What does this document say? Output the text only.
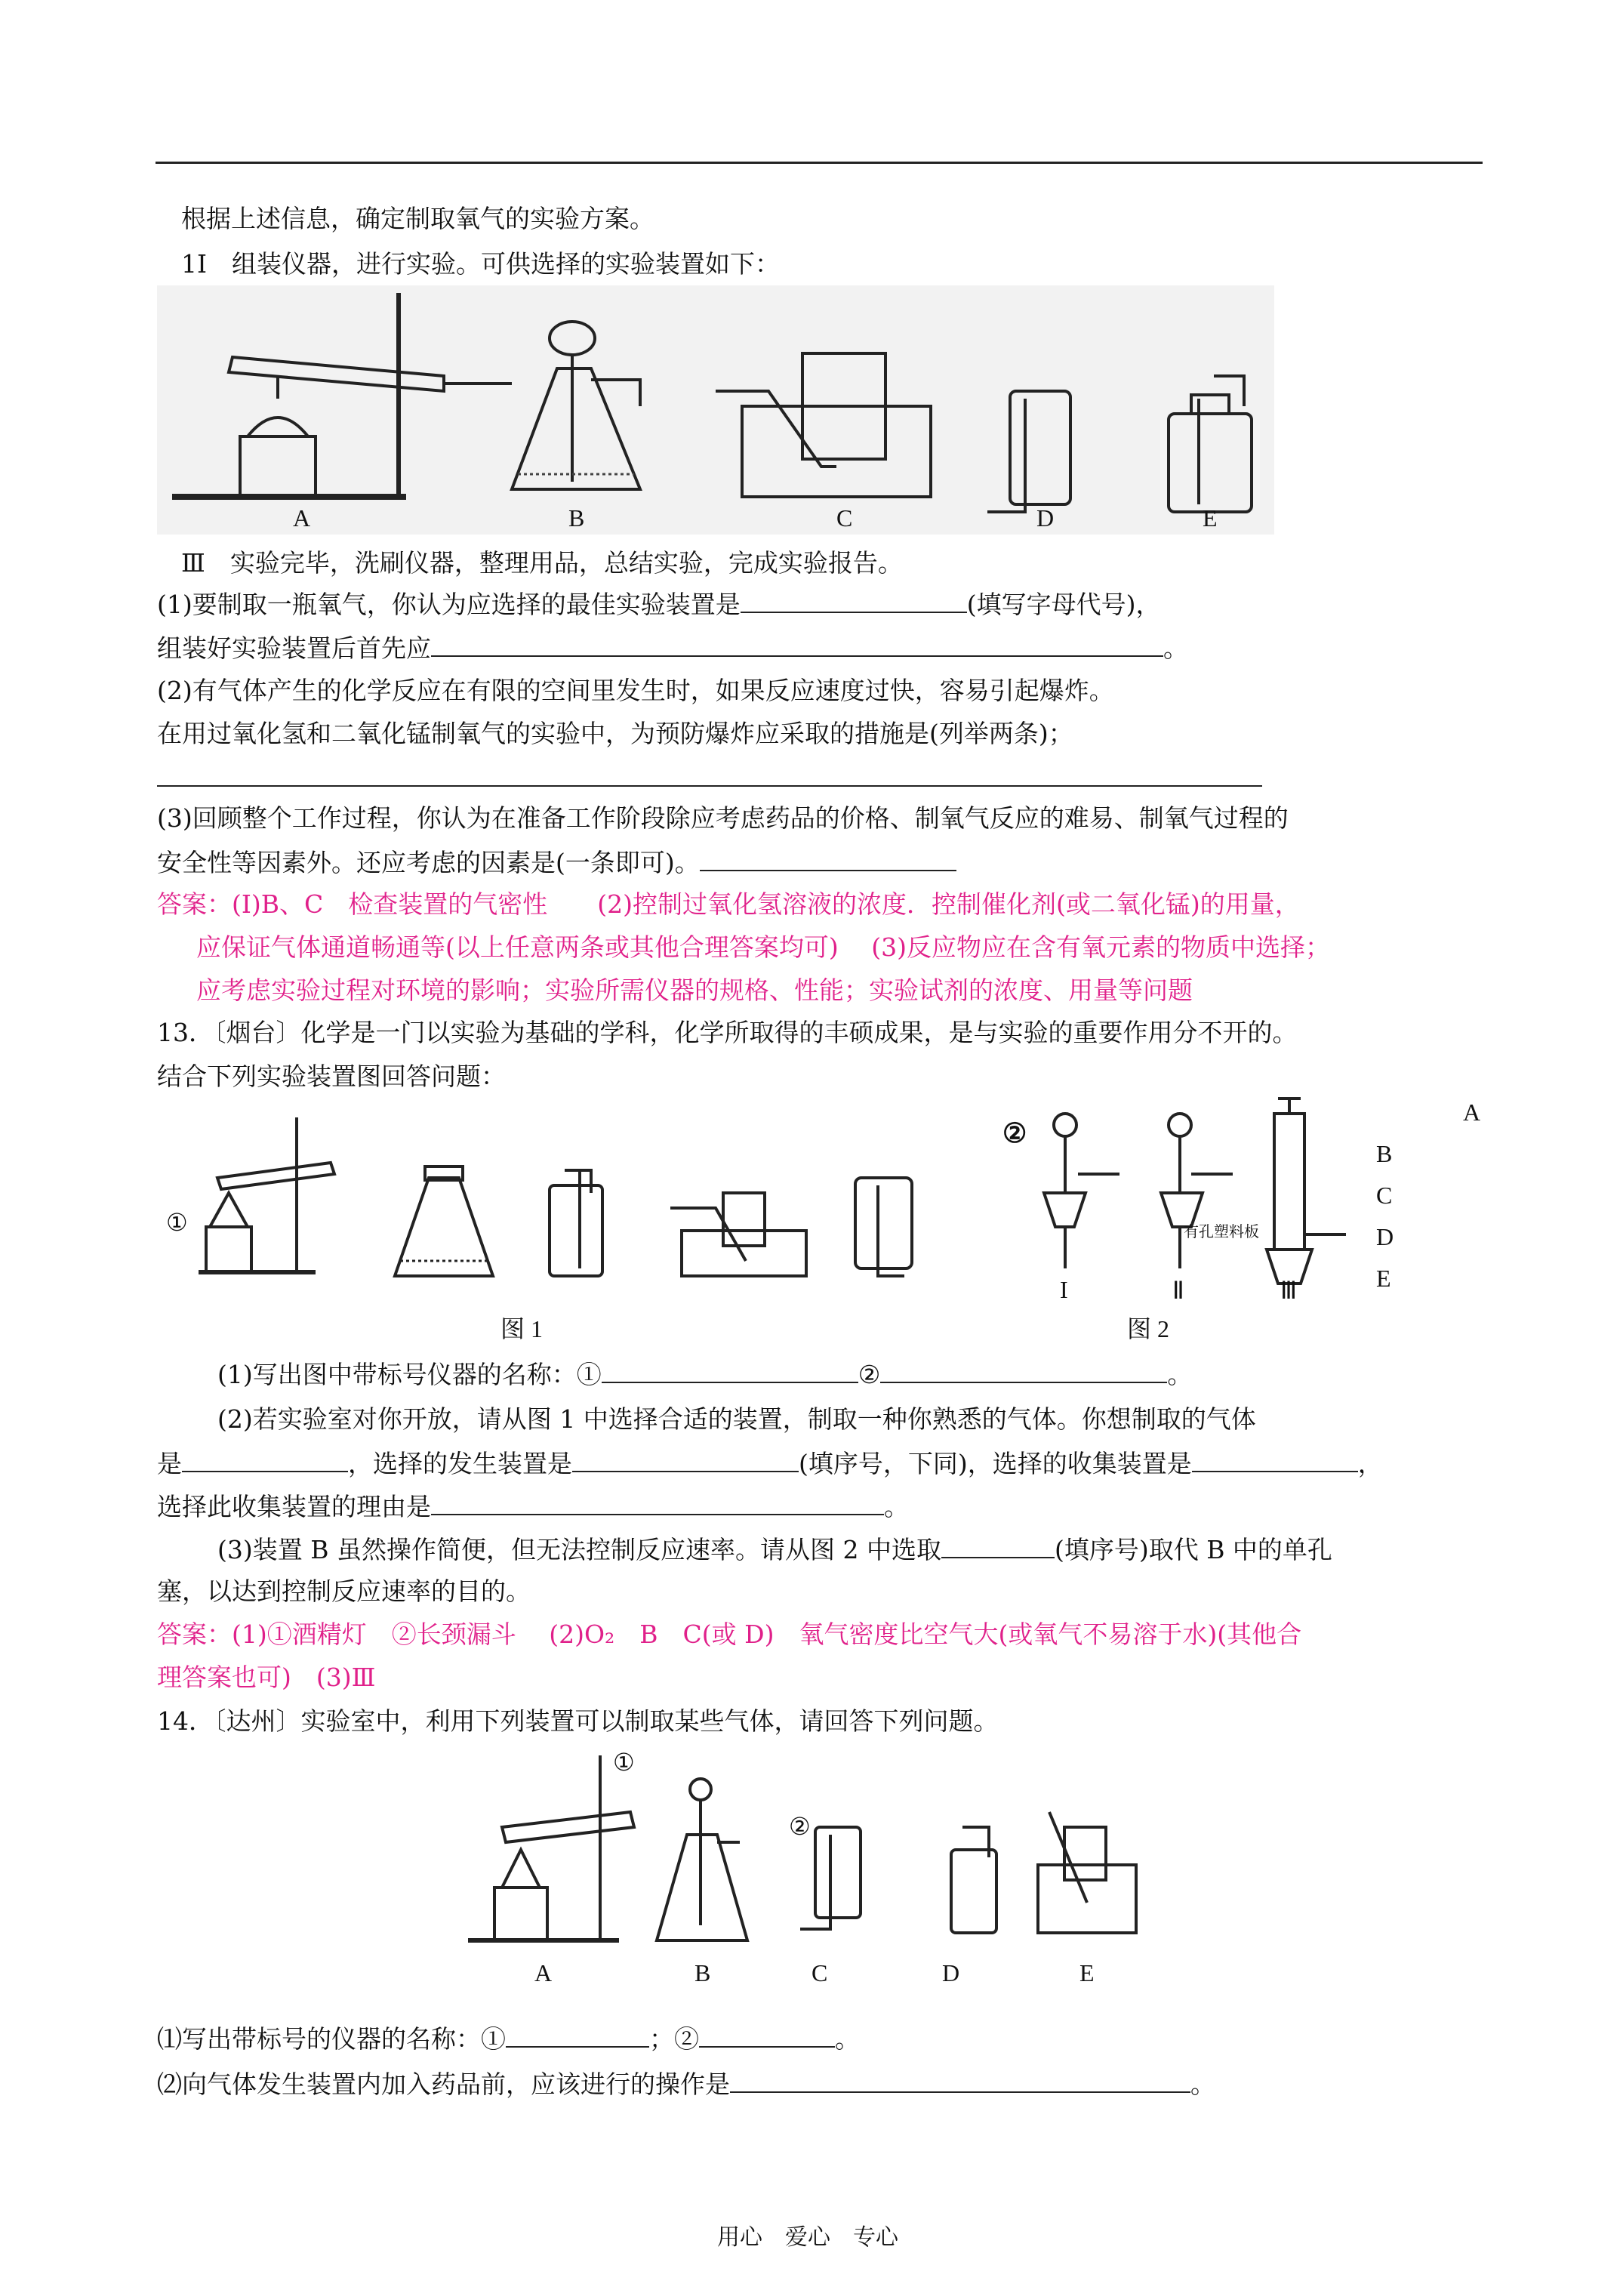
根据上述信息，确定制取氧气的实验方案。
1I　组装仪器，进行实验。可供选择的实验装置如下：
A	B	C	D	E
Ⅲ　实验完毕，洗刷仪器，整理用品，总结实验，完成实验报告。
(1)要制取一瓶氧气，你认为应选择的最佳实验装置是	(填写字母代号)，
组装好实验装置后首先应	。
(2)有气体产生的化学反应在有限的空间里发生时，如果反应速度过快，容易引起爆炸。
在用过氧化氢和二氧化锰制氧气的实验中，为预防爆炸应采取的措施是(列举两条)；
(3)回顾整个工作过程，你认为在准备工作阶段除应考虑药品的价格、制氧气反应的难易、制氧气过程的
安全性等因素外。还应考虑的因素是(一条即可)。
答案：(I)B、C　检查装置的气密性　　(2)控制过氧化氢溶液的浓度．控制催化剂(或二氧化锰)的用量，
应保证气体通道畅通等(以上任意两条或其他合理答案均可)　 (3)反应物应在含有氧元素的物质中选择；
应考虑实验过程对环境的影响；实验所需仪器的规格、性能；实验试剂的浓度、用量等问题
13．〔烟台〕化学是一门以实验为基础的学科，化学所取得的丰硕成果，是与实验的重要作用分不开的。
结合下列实验装置图回答问题：
①
②
有孔塑料板
I	Ⅱ	Ⅲ
A
B
C
D
E
图 1	图 2
(1)写出图中带标号仪器的名称：①	②	。
(2)若实验室对你开放，请从图 1 中选择合适的装置，制取一种你熟悉的气体。你想制取的气体
是	，选择的发生装置是	(填序号，下同)，选择的收集装置是	，
选择此收集装置的理由是	。
(3)装置 B 虽然操作简便，但无法控制反应速率。请从图 2 中选取	(填序号)取代 B 中的单孔
塞，以达到控制反应速率的目的。
答案：(1)①酒精灯　②长颈漏斗　 (2)O₂　B　C(或 D)　氧气密度比空气大(或氧气不易溶于水)(其他合
理答案也可)　(3)Ⅲ
14．〔达州〕实验室中，利用下列装置可以制取某些气体，请回答下列问题。
①
②
A	B	C	D	E
⑴写出带标号的仪器的名称：①	；②	。
⑵向气体发生装置内加入药品前，应该进行的操作是	。
用心　爱心　专心
